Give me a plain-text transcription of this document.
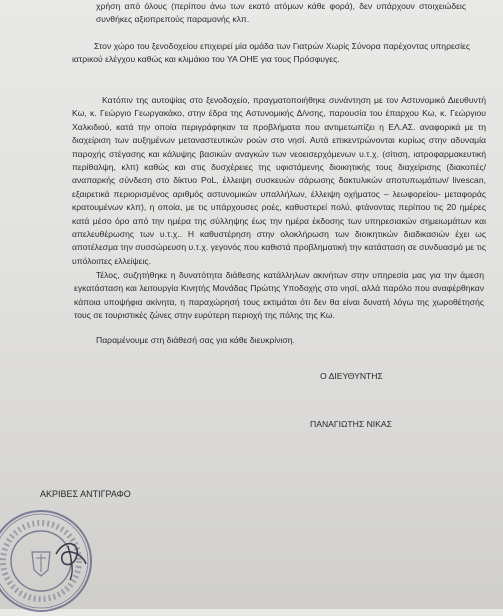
χρήση από όλους (περίπου άνω των εκατό ατόμων κάθε φορά), δεν υπάρχουν στοιχειώδεις συνθήκες αξιοπρεπούς παραμονής κλπ.

Στον χώρο του ξενοδοχείου επιχειρεί μία ομάδα των Γιατρών Χωρίς Σύνορα παρέχοντας υπηρεσίες ιατρικού ελέγχου καθώς και κλιμάκιο του ΥΑ ΟΗΕ για τους Πρόσφυγες.

Κατόπιν της αυτοψίας στο ξενοδοχείο, πραγματοποιήθηκε συνάντηση με τον Αστυνομικό Διευθυντή Κω, κ. Γεώργιο Γεωργακάκο, στην έδρα της Αστυνομικής Δ/νσης, παρουσία του έπαρχου Κω, κ. Γεώργιου Χαλκιδιού, κατά την οποία περιγράφηκαν τα προβλήματα που αντιμετωπίζει η ΕΛ.ΑΣ. αναφορικά με τη διαχείριση των αυξημένων μεταναστευτικών ροών στο νησί. Αυτά επικεντρώνονται κυρίως στην αδυναμία παροχής στέγασης και κάλυψης βασικών αναγκών των νεοεισερχόμενων υ.τ.χ. (σίτιση, ιατροφαρμακευτική περίθαλψη, κλπ) καθώς και στις δυσχέρειες της υφιστάμενης διοικητικής τους διαχείρισης (διακοπές/αναπαρκής σύνδεση στο δίκτυο PoL, έλλειψη συσκευών σάρωσης δακτυλικών αποτυπωμάτων/ livescan, εξαιρετικά περιορισμένος αριθμός αστυνομικών υπαλλήλων, έλλειψη οχήματος – λεωφορείου- μεταφοράς κρατουμένων κλπ), η οποία, με τις υπάρχουσες ροές, καθυστερεί πολύ, φτάνοντας περίπου τις 20 ημέρες κατά μέσο όρο από την ημέρα της σύλληψης έως την ημέρα έκδοσης των υπηρεσιακών σημειωμάτων και απελευθέρωσης των υ.τ.χ.. Η καθυστέρηση στην ολοκλήρωση των διοικητικών διαδικασιών έχει ως αποτέλεσμα την συσσώρευση υ.τ.χ. γεγονός που καθιστά προβληματική την κατάσταση σε συνδυασμό με τις υπόλοιπες ελλείψεις.

Τέλος, συζητήθηκε η δυνατότητα διάθεσης κατάλληλων ακινήτων στην υπηρεσία μας για την άμεση εγκατάσταση και λειτουργία Κινητής Μονάδας Πρώτης Υποδοχής στο νησί, αλλά παρόλο που αναφέρθηκαν κάποια υποψήφια ακίνητα, η παραχώρησή τους εκτιμάται ότι δεν θα είναι δυνατή λόγω της χωροθέτησής τους σε τουριστικές ζώνες στην ευρύτερη περιοχή της πόλης της Κω.

Παραμένουμε στη διάθεσή σας για κάθε διευκρίνιση.

Ο ΔΙΕΥΘΥΝΤΗΣ

ΠΑΝΑΓΙΩΤΗΣ ΝΙΚΑΣ

ΑΚΡΙΒΕΣ ΑΝΤΙΓΡΑΦΟ
